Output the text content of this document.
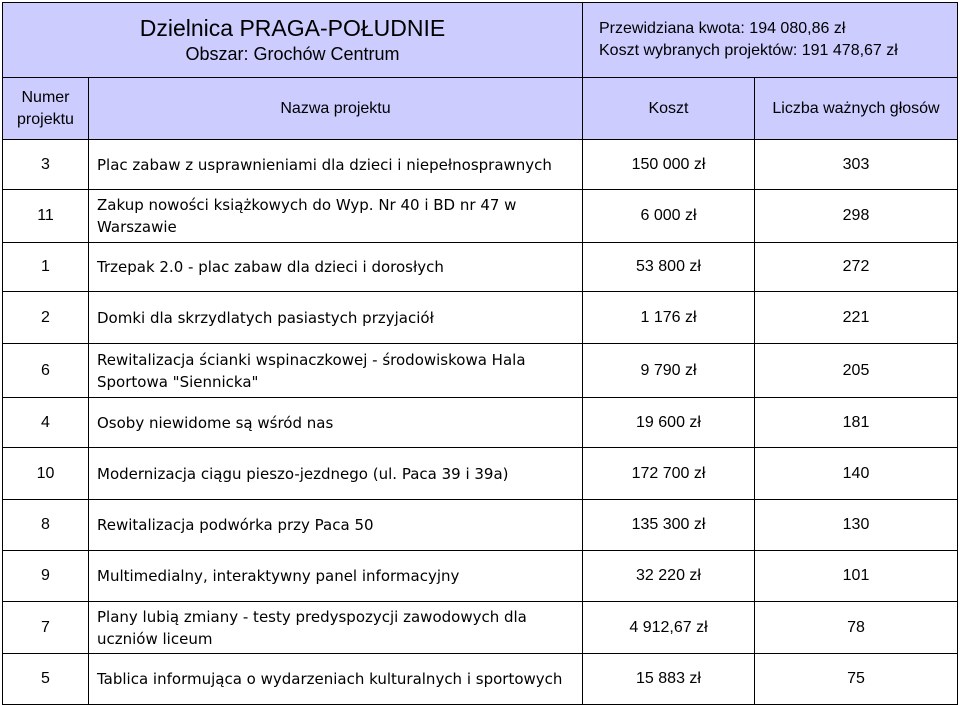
Dzielnica PRAGA-POŁUDNIE
Obszar: Grochów Centrum		Przewidziana kwota: 194 080,86 zł
Koszt wybranych projektów: 191 478,67 zł	

Numer
projektu	Nazwa projektu	Koszt	Liczba ważnych głosów
3	Plac zabaw z usprawnieniami dla dzieci i niepełnosprawnych	150 000 zł	303
11	Zakup nowości książkowych do Wyp. Nr 40 i BD nr 47 w Warszawie	6 000 zł	298
1	Trzepak 2.0 - plac zabaw dla dzieci i dorosłych	53 800 zł	272
2	Domki dla skrzydlatych pasiastych przyjaciół	1 176 zł	221
6	Rewitalizacja ścianki wspinaczkowej - środowiskowa Hala Sportowa "Siennicka"	9 790 zł	205
4	Osoby niewidome są wśród nas	19 600 zł	181
10	Modernizacja ciągu pieszo-jezdnego (ul. Paca 39 i 39a)	172 700 zł	140
8	Rewitalizacja podwórka przy Paca 50	135 300 zł	130
9	Multimedialny, interaktywny panel informacyjny	32 220 zł	101
7	Plany lubią zmiany - testy predyspozycji zawodowych dla uczniów liceum	4 912,67 zł	78
5	Tablica informująca o wydarzeniach kulturalnych i sportowych	15 883 zł	75
